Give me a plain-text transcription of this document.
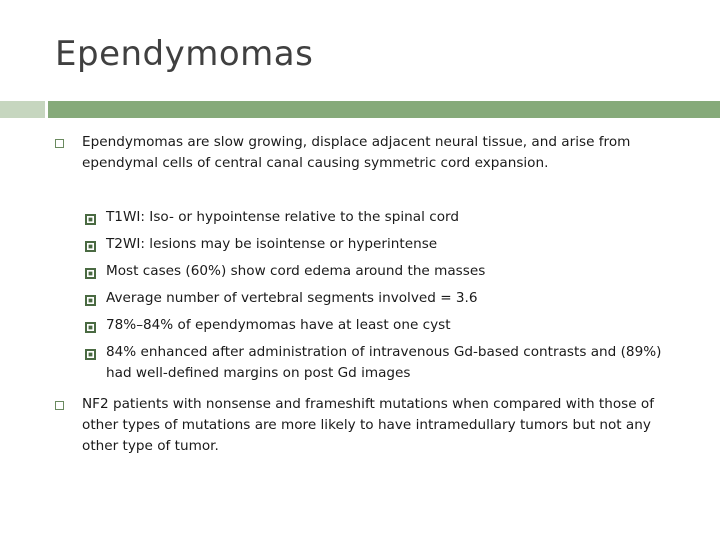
Ependymomas
Ependymomas are slow growing, displace adjacent neural tissue, and arise from ependymal cells of central canal causing symmetric cord expansion.
T1WI: Iso- or hypointense relative to the spinal cord
T2WI: lesions may be isointense or hyperintense
Most cases (60%) show cord edema around the masses
Average number of vertebral segments involved = 3.6
78%–84% of ependymomas have at least one cyst
84% enhanced after administration of intravenous Gd-based contrasts and (89%) had well-defined margins on post Gd images
NF2 patients with nonsense and frameshift mutations when compared with those of other types of mutations are more likely to have intramedullary tumors but not any other type of tumor.
